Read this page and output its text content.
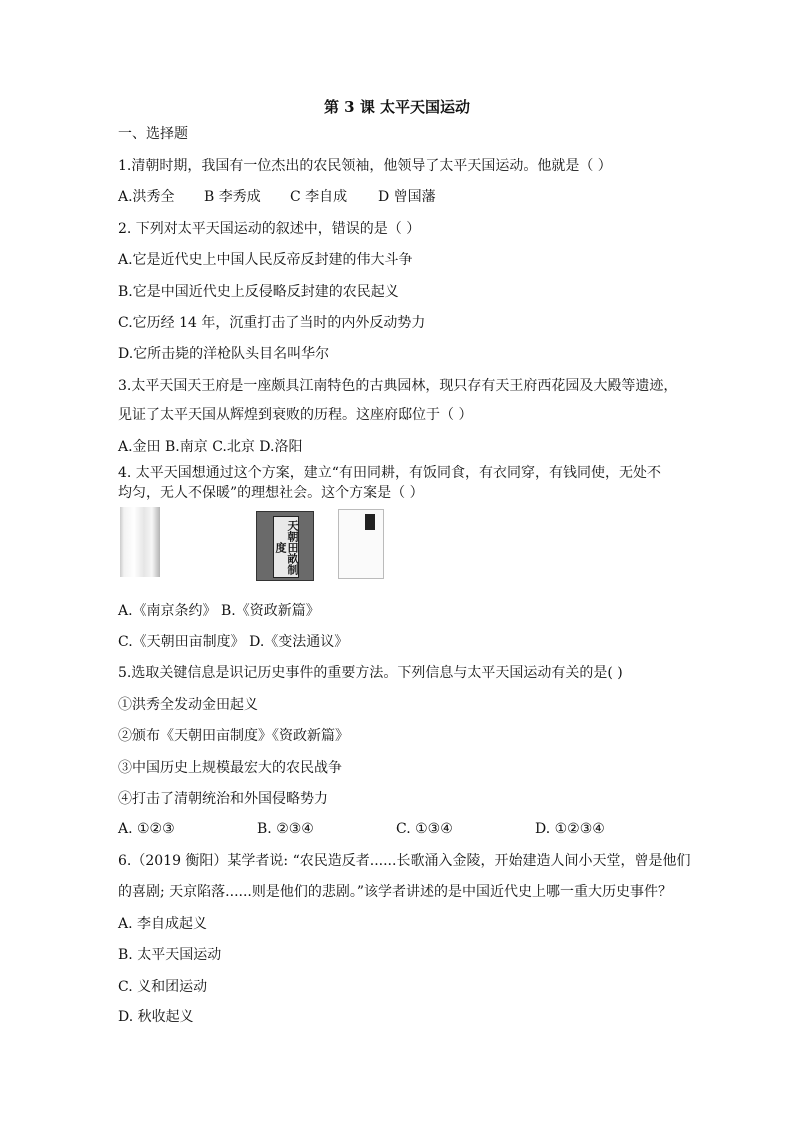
第 3 课 太平天国运动
一、选择题
1.清朝时期，我国有一位杰出的农民领袖，他领导了太平天国运动。他就是（ ）
A.洪秀全 B 李秀成 C 李自成 D 曾国藩
2. 下列对太平天国运动的叙述中，错误的是（ ）
A.它是近代史上中国人民反帝反封建的伟大斗争
B.它是中国近代史上反侵略反封建的农民起义
C.它历经 14 年，沉重打击了当时的内外反动势力
D.它所击毙的洋枪队头目名叫华尔
3.太平天国天王府是一座颇具江南特色的古典园林，现只存有天王府西花园及大殿等遗迹，
见证了太平天国从辉煌到衰败的历程。这座府邸位于（ ）
A.金田 B.南京 C.北京 D.洛阳
4. 太平天国想通过这个方案，建立“有田同耕，有饭同食，有衣同穿，有钱同使，无处不
均匀，无人不保暖”的理想社会。这个方案是（ ）
天朝田畝制度
A.《南京条约》 B.《资政新篇》
C.《天朝田亩制度》 D.《变法通议》
5.选取关键信息是识记历史事件的重要方法。下列信息与太平天国运动有关的是( )
①洪秀全发动金田起义
②颁布《天朝田亩制度》《资政新篇》
③中国历史上规模最宏大的农民战争
④打击了清朝统治和外国侵略势力
A. ①②③	B. ②③④	C. ①③④	D. ①②③④
6.（2019 衡阳）某学者说: “农民造反者......长歌涌入金陵，开始建造人间小天堂，曾是他们
的喜剧; 天京陷落......则是他们的悲剧。”该学者讲述的是中国近代史上哪一重大历史事件？
A. 李自成起义
B. 太平天国运动
C. 义和团运动
D. 秋收起义
